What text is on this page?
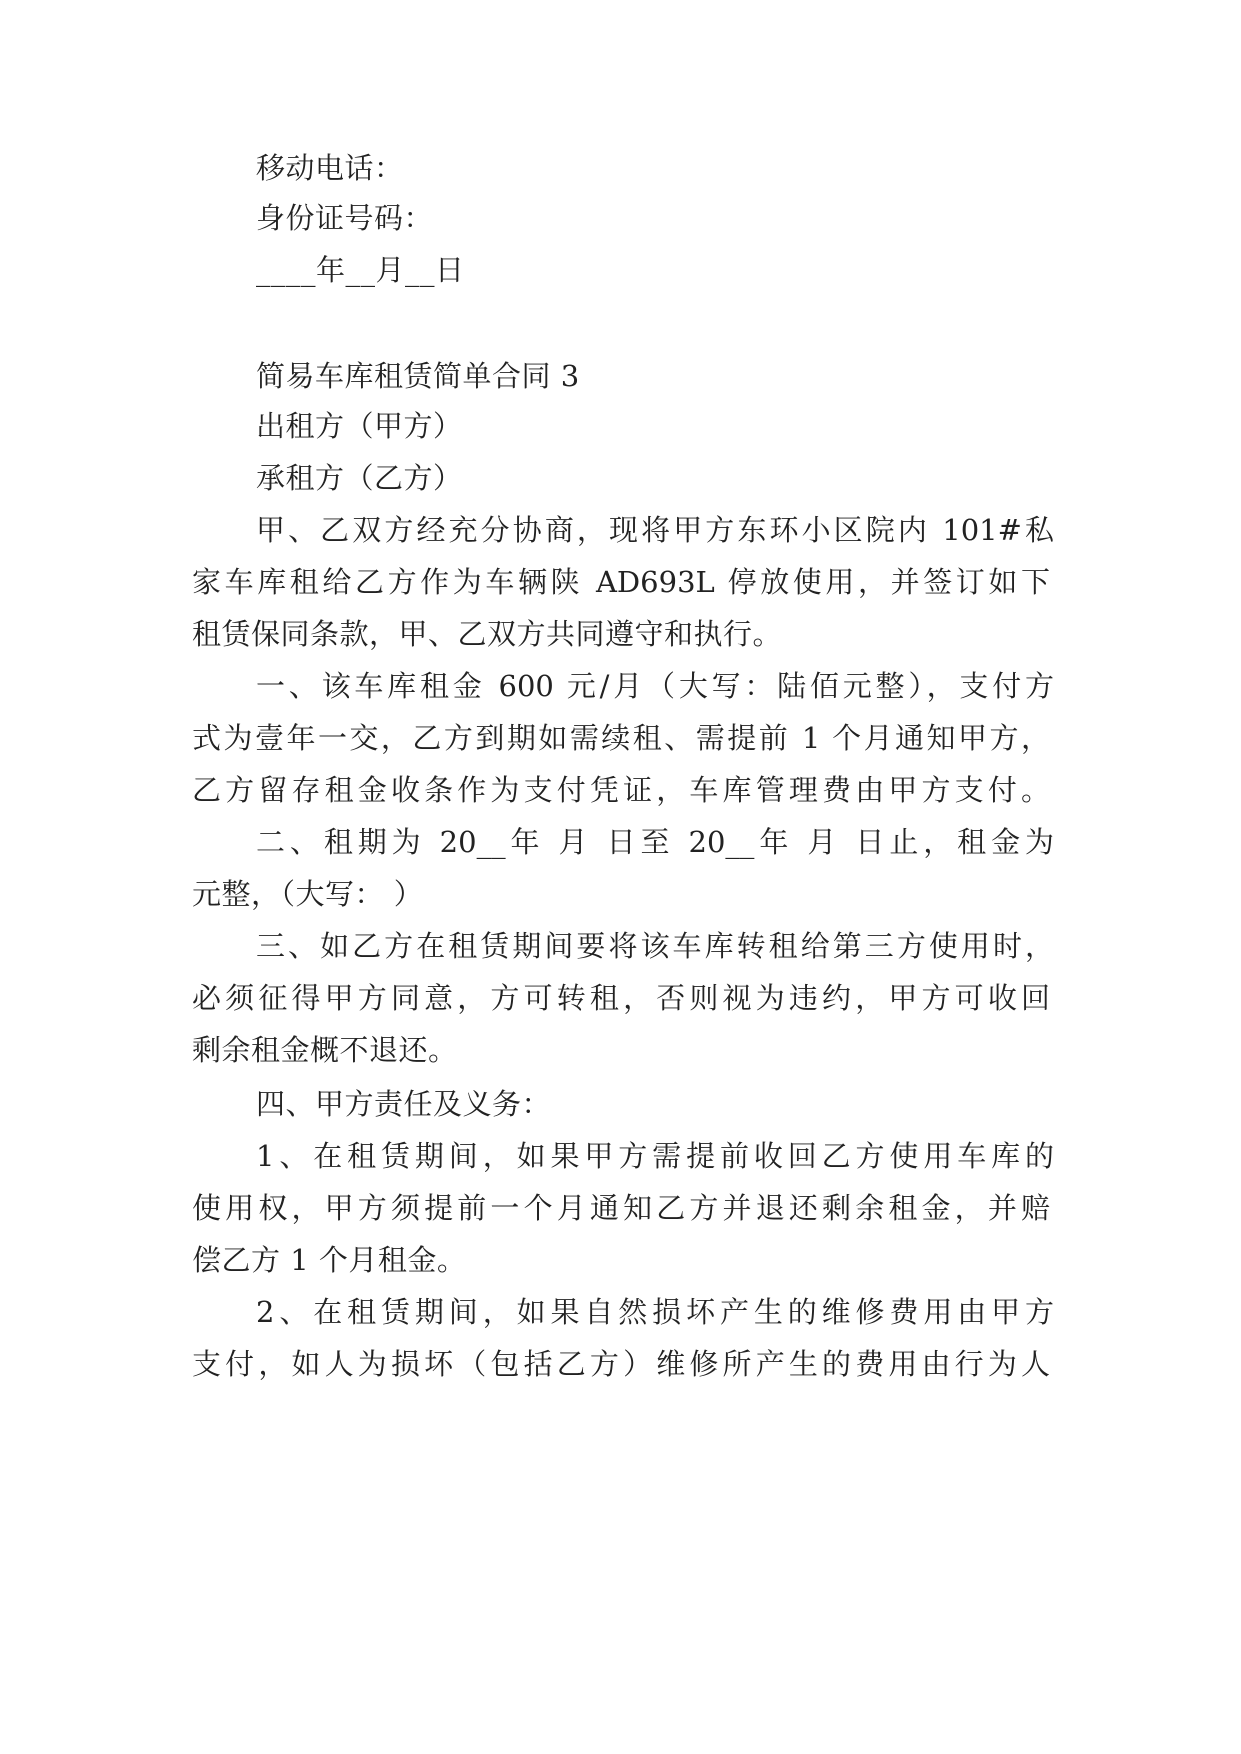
移动电话：
身份证号码：
____年__月__日
简易车库租赁简单合同 3
出租方（甲方）
承租方（乙方）
甲、乙双方经充分协商，现将甲方东环小区院内 101#私
家车库租给乙方作为车辆陕 AD693L 停放使用，并签订如下
租赁保同条款，甲、乙双方共同遵守和执行。
一、该车库租金 600 元/月（大写：陆佰元整），支付方
式为壹年一交，乙方到期如需续租、需提前 1 个月通知甲方，
乙方留存租金收条作为支付凭证，车库管理费由甲方支付。
二、租期为 20__年 月 日至 20__年 月 日止，租金为
元整，（大写： ）
三、如乙方在租赁期间要将该车库转租给第三方使用时，
必须征得甲方同意，方可转租，否则视为违约，甲方可收回
剩余租金概不退还。
四、甲方责任及义务：
1、在租赁期间，如果甲方需提前收回乙方使用车库的
使用权，甲方须提前一个月通知乙方并退还剩余租金，并赔
偿乙方 1 个月租金。
2、在租赁期间，如果自然损坏产生的维修费用由甲方
支付，如人为损坏（包括乙方）维修所产生的费用由行为人
